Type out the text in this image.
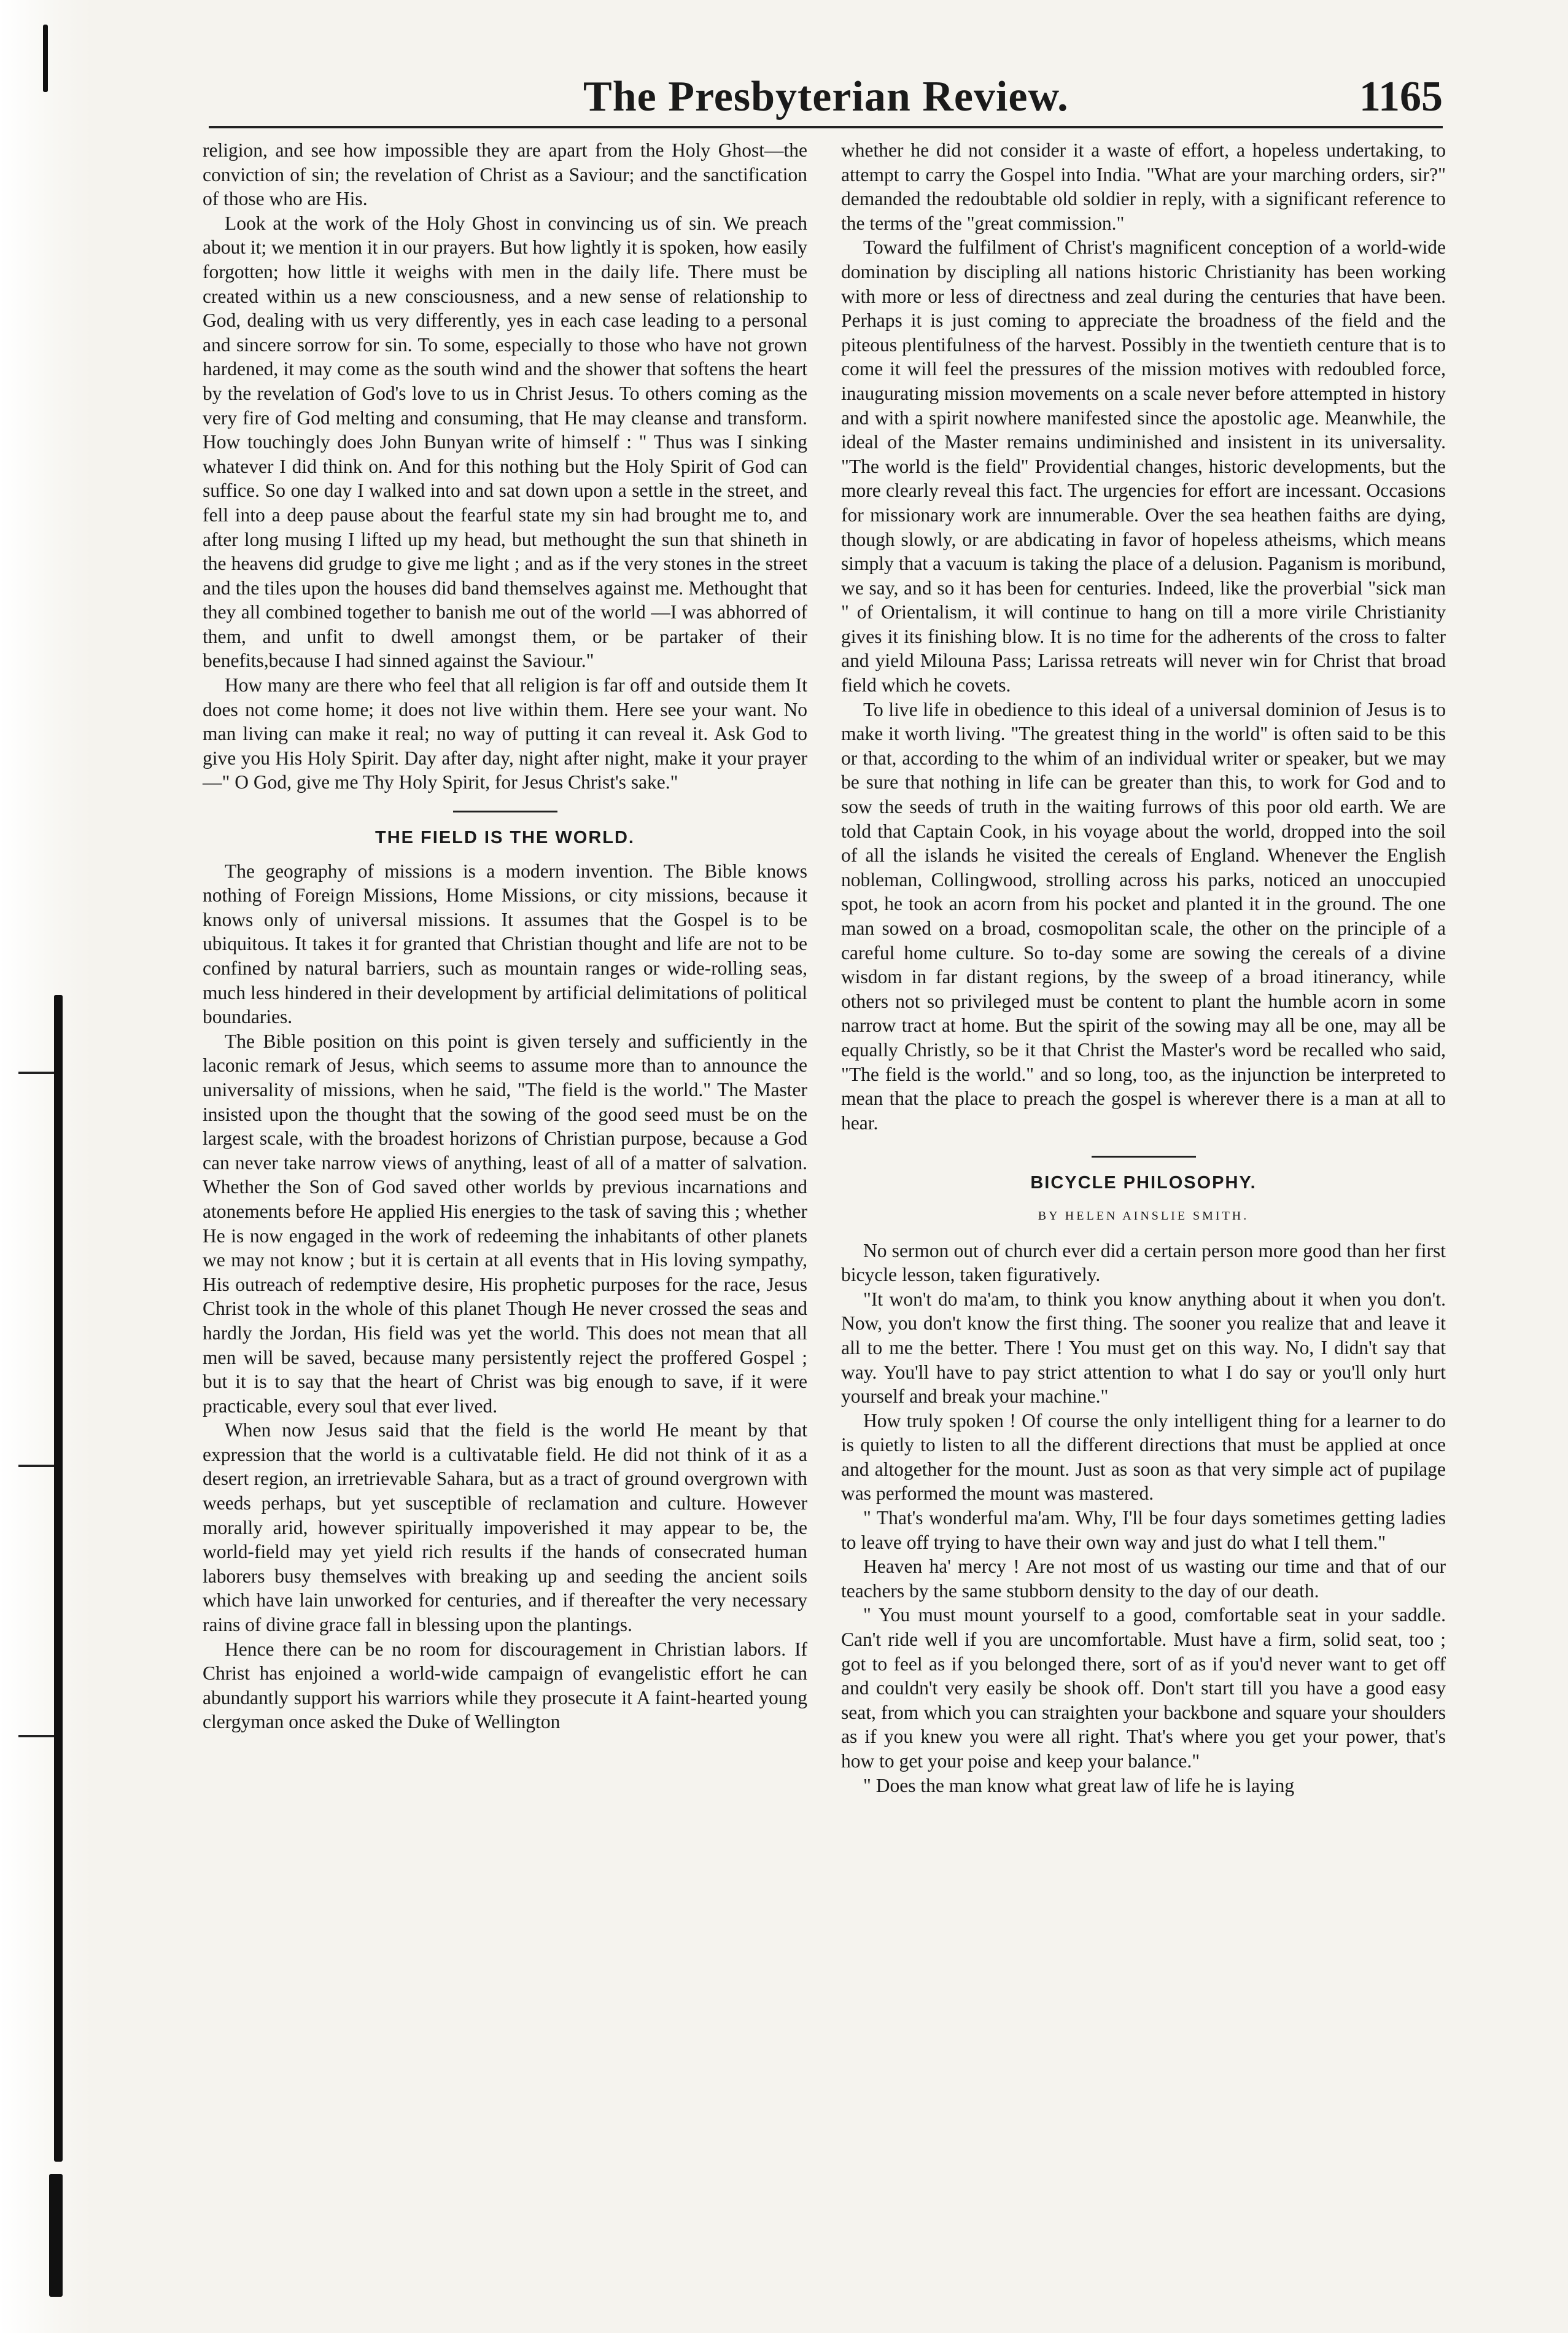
The Presbyterian Review.	1165

religion, and see how impossible they are apart from the Holy Ghost—the conviction of sin; the revelation of Christ as a Saviour; and the sanctification of those who are His.

Look at the work of the Holy Ghost in convincing us of sin. We preach about it; we mention it in our prayers. But how lightly it is spoken, how easily forgotten; how little it weighs with men in the daily life. There must be created within us a new consciousness, and a new sense of relationship to God, dealing with us very differently, yes in each case leading to a personal and sincere sorrow for sin. To some, especially to those who have not grown hardened, it may come as the south wind and the shower that softens the heart by the revelation of God's love to us in Christ Jesus. To others coming as the very fire of God melting and consuming, that He may cleanse and transform. How touchingly does John Bunyan write of himself : " Thus was I sinking whatever I did think on. And for this nothing but the Holy Spirit of God can suffice. So one day I walked into and sat down upon a settle in the street, and fell into a deep pause about the fearful state my sin had brought me to, and after long musing I lifted up my head, but methought the sun that shineth in the heavens did grudge to give me light ; and as if the very stones in the street and the tiles upon the houses did band themselves against me. Methought that they all combined together to banish me out of the world —I was abhorred of them, and unfit to dwell amongst them, or be partaker of their benefits,because I had sinned against the Saviour."

How many are there who feel that all religion is far off and outside them It does not come home; it does not live within them. Here see your want. No man living can make it real; no way of putting it can reveal it. Ask God to give you His Holy Spirit. Day after day, night after night, make it your prayer—" O God, give me Thy Holy Spirit, for Jesus Christ's sake."

THE FIELD IS THE WORLD.

The geography of missions is a modern invention. The Bible knows nothing of Foreign Missions, Home Missions, or city missions, because it knows only of universal missions. It assumes that the Gospel is to be ubiquitous. It takes it for granted that Christian thought and life are not to be confined by natural barriers, such as mountain ranges or wide-rolling seas, much less hindered in their development by artificial delimitations of political boundaries.

The Bible position on this point is given tersely and sufficiently in the laconic remark of Jesus, which seems to assume more than to announce the universality of missions, when he said, "The field is the world." The Master insisted upon the thought that the sowing of the good seed must be on the largest scale, with the broadest horizons of Christian purpose, because a God can never take narrow views of anything, least of all of a matter of salvation. Whether the Son of God saved other worlds by previous incarnations and atonements before He applied His energies to the task of saving this ; whether He is now engaged in the work of redeeming the inhabitants of other planets we may not know ; but it is certain at all events that in His loving sympathy, His outreach of redemptive desire, His prophetic purposes for the race, Jesus Christ took in the whole of this planet Though He never crossed the seas and hardly the Jordan, His field was yet the world. This does not mean that all men will be saved, because many persistently reject the proffered Gospel ; but it is to say that the heart of Christ was big enough to save, if it were practicable, every soul that ever lived.

When now Jesus said that the field is the world He meant by that expression that the world is a cultivatable field. He did not think of it as a desert region, an irretrievable Sahara, but as a tract of ground overgrown with weeds perhaps, but yet susceptible of reclamation and culture. However morally arid, however spiritually impoverished it may appear to be, the world-field may yet yield rich results if the hands of consecrated human laborers busy themselves with breaking up and seeding the ancient soils which have lain unworked for centuries, and if thereafter the very necessary rains of divine grace fall in blessing upon the plantings.

Hence there can be no room for discouragement in Christian labors. If Christ has enjoined a world-wide campaign of evangelistic effort he can abundantly support his warriors while they prosecute it A faint-hearted young clergyman once asked the Duke of Wellington

whether he did not consider it a waste of effort, a hopeless undertaking, to attempt to carry the Gospel into India. "What are your marching orders, sir?" demanded the redoubtable old soldier in reply, with a significant reference to the terms of the "great commission."

Toward the fulfilment of Christ's magnificent conception of a world-wide domination by discipling all nations historic Christianity has been working with more or less of directness and zeal during the centuries that have been. Perhaps it is just coming to appreciate the broadness of the field and the piteous plentifulness of the harvest. Possibly in the twentieth centure that is to come it will feel the pressures of the mission motives with redoubled force, inaugurating mission movements on a scale never before attempted in history and with a spirit nowhere manifested since the apostolic age. Meanwhile, the ideal of the Master remains undiminished and insistent in its universality. "The world is the field" Providential changes, historic developments, but the more clearly reveal this fact. The urgencies for effort are incessant. Occasions for missionary work are innumerable. Over the sea heathen faiths are dying, though slowly, or are abdicating in favor of hopeless atheisms, which means simply that a vacuum is taking the place of a delusion. Paganism is moribund, we say, and so it has been for centuries. Indeed, like the proverbial "sick man " of Orientalism, it will continue to hang on till a more virile Christianity gives it its finishing blow. It is no time for the adherents of the cross to falter and yield Milouna Pass; Larissa retreats will never win for Christ that broad field which he covets.

To live life in obedience to this ideal of a universal dominion of Jesus is to make it worth living. "The greatest thing in the world" is often said to be this or that, according to the whim of an individual writer or speaker, but we may be sure that nothing in life can be greater than this, to work for God and to sow the seeds of truth in the waiting furrows of this poor old earth. We are told that Captain Cook, in his voyage about the world, dropped into the soil of all the islands he visited the cereals of England. Whenever the English nobleman, Collingwood, strolling across his parks, noticed an unoccupied spot, he took an acorn from his pocket and planted it in the ground. The one man sowed on a broad, cosmopolitan scale, the other on the principle of a careful home culture. So to-day some are sowing the cereals of a divine wisdom in far distant regions, by the sweep of a broad itinerancy, while others not so privileged must be content to plant the humble acorn in some narrow tract at home. But the spirit of the sowing may all be one, may all be equally Christly, so be it that Christ the Master's word be recalled who said, "The field is the world." and so long, too, as the injunction be interpreted to mean that the place to preach the gospel is wherever there is a man at all to hear.

BICYCLE PHILOSOPHY.
BY HELEN AINSLIE SMITH.

No sermon out of church ever did a certain person more good than her first bicycle lesson, taken figuratively.

"It won't do ma'am, to think you know anything about it when you don't. Now, you don't know the first thing. The sooner you realize that and leave it all to me the better. There ! You must get on this way. No, I didn't say that way. You'll have to pay strict attention to what I do say or you'll only hurt yourself and break your machine."

How truly spoken ! Of course the only intelligent thing for a learner to do is quietly to listen to all the different directions that must be applied at once and altogether for the mount. Just as soon as that very simple act of pupilage was performed the mount was mastered.

" That's wonderful ma'am. Why, I'll be four days sometimes getting ladies to leave off trying to have their own way and just do what I tell them."

Heaven ha' mercy ! Are not most of us wasting our time and that of our teachers by the same stubborn density to the day of our death.

" You must mount yourself to a good, comfortable seat in your saddle. Can't ride well if you are uncomfortable. Must have a firm, solid seat, too ; got to feel as if you belonged there, sort of as if you'd never want to get off and couldn't very easily be shook off. Don't start till you have a good easy seat, from which you can straighten your backbone and square your shoulders as if you knew you were all right. That's where you get your power, that's how to get your poise and keep your balance."

" Does the man know what great law of life he is laying
